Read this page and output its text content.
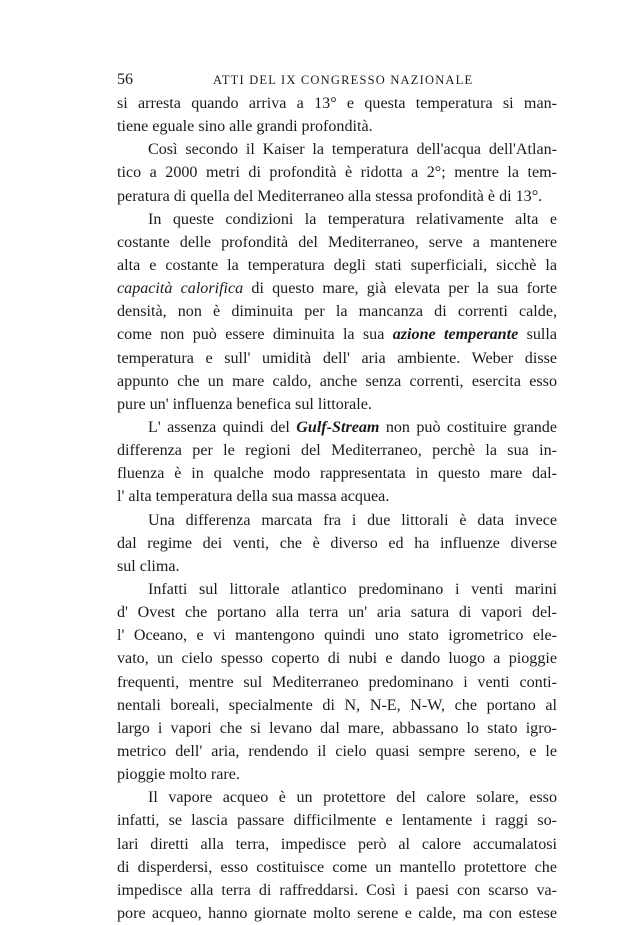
56	ATTI DEL IX CONGRESSO NAZIONALE
si arresta quando arriva a 13° e questa temperatura si man-
tiene eguale sino alle grandi profondità.
Così secondo il Kaiser la temperatura dell'acqua dell'Atlan-
tico a 2000 metri di profondità è ridotta a 2°; mentre la tem-
peratura di quella del Mediterraneo alla stessa profondità è di 13°.
In queste condizioni la temperatura relativamente alta e
costante delle profondità del Mediterraneo, serve a mantenere
alta e costante la temperatura degli stati superficiali, sicchè la
capacità calorifica di questo mare, già elevata per la sua forte
densità, non è diminuita per la mancanza di correnti calde,
come non può essere diminuita la sua azione temperante sulla
temperatura e sull' umidità dell' aria ambiente. Weber disse
appunto che un mare caldo, anche senza correnti, esercita esso
pure un' influenza benefica sul littorale.
L' assenza quindi del Gulf-Stream non può costituire grande
differenza per le regioni del Mediterraneo, perchè la sua in-
fluenza è in qualche modo rappresentata in questo mare dal-
l' alta temperatura della sua massa acquea.
Una differenza marcata fra i due littorali è data invece
dal regime dei venti, che è diverso ed ha influenze diverse
sul clima.
Infatti sul littorale atlantico predominano i venti marini
d' Ovest che portano alla terra un' aria satura di vapori del-
l' Oceano, e vi mantengono quindi uno stato igrometrico ele-
vato, un cielo spesso coperto di nubi e dando luogo a pioggie
frequenti, mentre sul Mediterraneo predominano i venti conti-
nentali boreali, specialmente di N, N-E, N-W, che portano al
largo i vapori che si levano dal mare, abbassano lo stato igro-
metrico dell' aria, rendendo il cielo quasi sempre sereno, e le
pioggie molto rare.
Il vapore acqueo è un protettore del calore solare, esso
infatti, se lascia passare difficilmente e lentamente i raggi so-
lari diretti alla terra, impedisce però al calore accumalatosi
di disperdersi, esso costituisce come un mantello protettore che
impedisce alla terra di raffreddarsi. Così i paesi con scarso va-
pore acqueo, hanno giornate molto serene e calde, ma con estese
